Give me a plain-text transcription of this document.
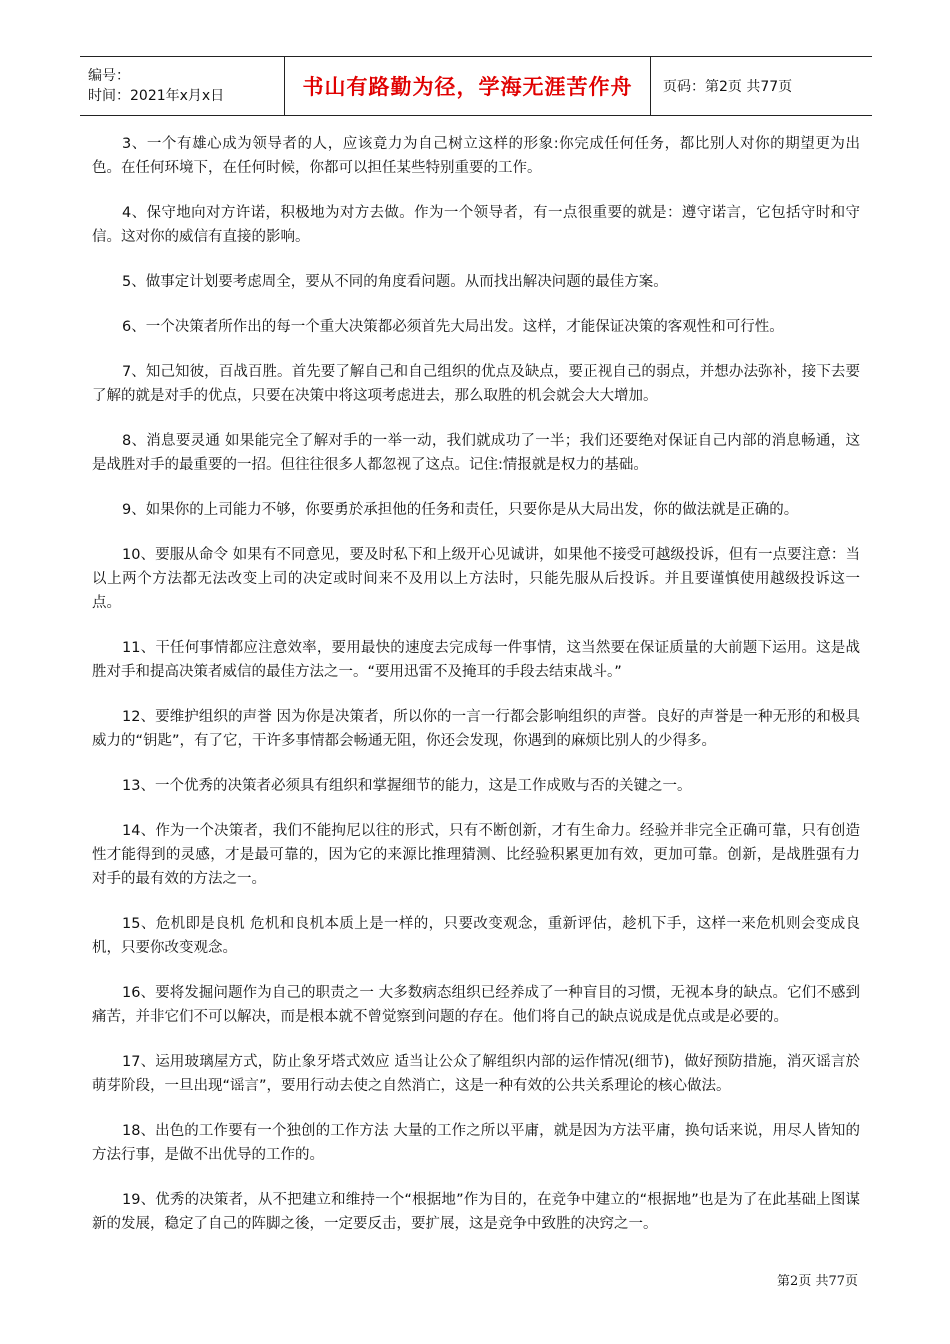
编号：
时间：2021年x月x日	书山有路勤为径，学海无涯苦作舟 页码：第2页 共77页

3、一个有雄心成为领导者的人，应该竟力为自己树立这样的形象:你完成任何任务，都比别人对你的期望更为出色。在任何环境下，在任何时候，你都可以担任某些特别重要的工作。

4、保守地向对方许诺，积极地为对方去做。作为一个领导者，有一点很重要的就是：遵守诺言，它包括守时和守信。这对你的威信有直接的影响。

5、做事定计划要考虑周全，要从不同的角度看问题。从而找出解决问题的最佳方案。

6、一个决策者所作出的每一个重大决策都必须首先大局出发。这样，才能保证决策的客观性和可行性。

7、知己知彼，百战百胜。首先要了解自己和自己组织的优点及缺点，要正视自己的弱点，并想办法弥补，接下去要了解的就是对手的优点，只要在决策中将这项考虑进去，那么取胜的机会就会大大增加。

8、消息要灵通 如果能完全了解对手的一举一动，我们就成功了一半；我们还要绝对保证自己内部的消息畅通，这是战胜对手的最重要的一招。但往往很多人都忽视了这点。记住:情报就是权力的基础。

9、如果你的上司能力不够，你要勇於承担他的任务和责任，只要你是从大局出发，你的做法就是正确的。

10、要服从命令 如果有不同意见，要及时私下和上级开心见诚讲，如果他不接受可越级投诉，但有一点要注意：当以上两个方法都无法改变上司的决定或时间来不及用以上方法时，只能先服从后投诉。并且要谨慎使用越级投诉这一点。

11、干任何事情都应注意效率，要用最快的速度去完成每一件事情，这当然要在保证质量的大前题下运用。这是战胜对手和提高决策者威信的最佳方法之一。“要用迅雷不及掩耳的手段去结束战斗。”

12、要维护组织的声誉 因为你是决策者，所以你的一言一行都会影响组织的声誉。良好的声誉是一种无形的和极具威力的“钥匙”，有了它，干许多事情都会畅通无阻，你还会发现，你遇到的麻烦比别人的少得多。

13、一个优秀的决策者必须具有组织和掌握细节的能力，这是工作成败与否的关键之一。

14、作为一个决策者，我们不能拘尼以往的形式，只有不断创新，才有生命力。经验并非完全正确可靠，只有创造性才能得到的灵感，才是最可靠的，因为它的来源比推理猜测、比经验积累更加有效，更加可靠。创新，是战胜强有力对手的最有效的方法之一。

15、危机即是良机 危机和良机本质上是一样的，只要改变观念，重新评估，趁机下手，这样一来危机则会变成良机，只要你改变观念。

16、要将发掘问题作为自己的职责之一 大多数病态组织已经养成了一种盲目的习惯，无视本身的缺点。它们不感到痛苦，并非它们不可以解决，而是根本就不曾觉察到问题的存在。他们将自己的缺点说成是优点或是必要的。

17、运用玻璃屋方式，防止象牙塔式效应 适当让公众了解组织内部的运作情况(细节)，做好预防措施，消灭谣言於萌芽阶段，一旦出现“谣言”，要用行动去使之自然消亡，这是一种有效的公共关系理论的核心做法。

18、出色的工作要有一个独创的工作方法 大量的工作之所以平庸，就是因为方法平庸，换句话来说，用尽人皆知的方法行事，是做不出优导的工作的。

19、优秀的决策者，从不把建立和维持一个“根据地”作为目的，在竞争中建立的“根据地”也是为了在此基础上图谋新的发展，稳定了自己的阵脚之後，一定要反击，要扩展，这是竞争中致胜的决窍之一。

第2页 共77页
